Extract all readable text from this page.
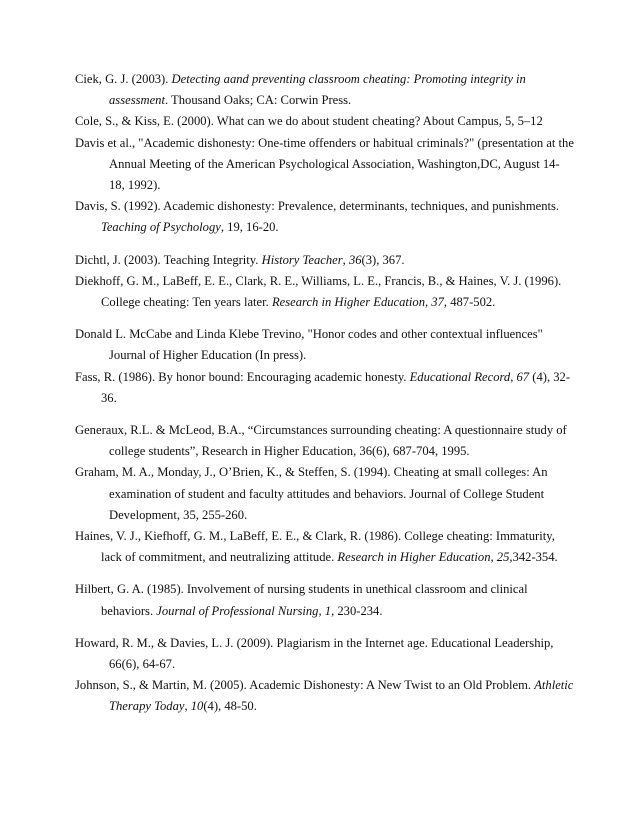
Ciek, G. J. (2003). Detecting aand preventing classroom cheating: Promoting integrity in assessment. Thousand Oaks; CA: Corwin Press.

Cole, S., & Kiss, E. (2000). What can we do about student cheating? About Campus, 5, 5–12

Davis et al., "Academic dishonesty: One-time offenders or habitual criminals?" (presentation at the Annual Meeting of the American Psychological Association, Washington,DC, August 14-18, 1992).

Davis, S. (1992). Academic dishonesty: Prevalence, determinants, techniques, and punishments. Teaching of Psychology, 19, 16-20.

Dichtl, J. (2003). Teaching Integrity. History Teacher, 36(3), 367.

Diekhoff, G. M., LaBeff, E. E., Clark, R. E., Williams, L. E., Francis, B., & Haines, V. J. (1996). College cheating: Ten years later. Research in Higher Education, 37, 487-502.

Donald L. McCabe and Linda Klebe Trevino, "Honor codes and other contextual influences" Journal of Higher Education (In press).

Fass, R. (1986). By honor bound: Encouraging academic honesty. Educational Record, 67 (4), 32-36.

Generaux, R.L. & McLeod, B.A., “Circumstances surrounding cheating: A questionnaire study of college students”, Research in Higher Education, 36(6), 687-704, 1995.

Graham, M. A., Monday, J., O’Brien, K., & Steffen, S. (1994). Cheating at small colleges: An examination of student and faculty attitudes and behaviors. Journal of College Student Development, 35, 255-260.

Haines, V. J., Kiefhoff, G. M., LaBeff, E. E., & Clark, R. (1986). College cheating: Immaturity, lack of commitment, and neutralizing attitude. Research in Higher Education, 25,342-354.

Hilbert, G. A. (1985). Involvement of nursing students in unethical classroom and clinical behaviors. Journal of Professional Nursing, 1, 230-234.

Howard, R. M., & Davies, L. J. (2009). Plagiarism in the Internet age. Educational Leadership, 66(6), 64-67.

Johnson, S., & Martin, M. (2005). Academic Dishonesty: A New Twist to an Old Problem. Athletic Therapy Today, 10(4), 48-50.
